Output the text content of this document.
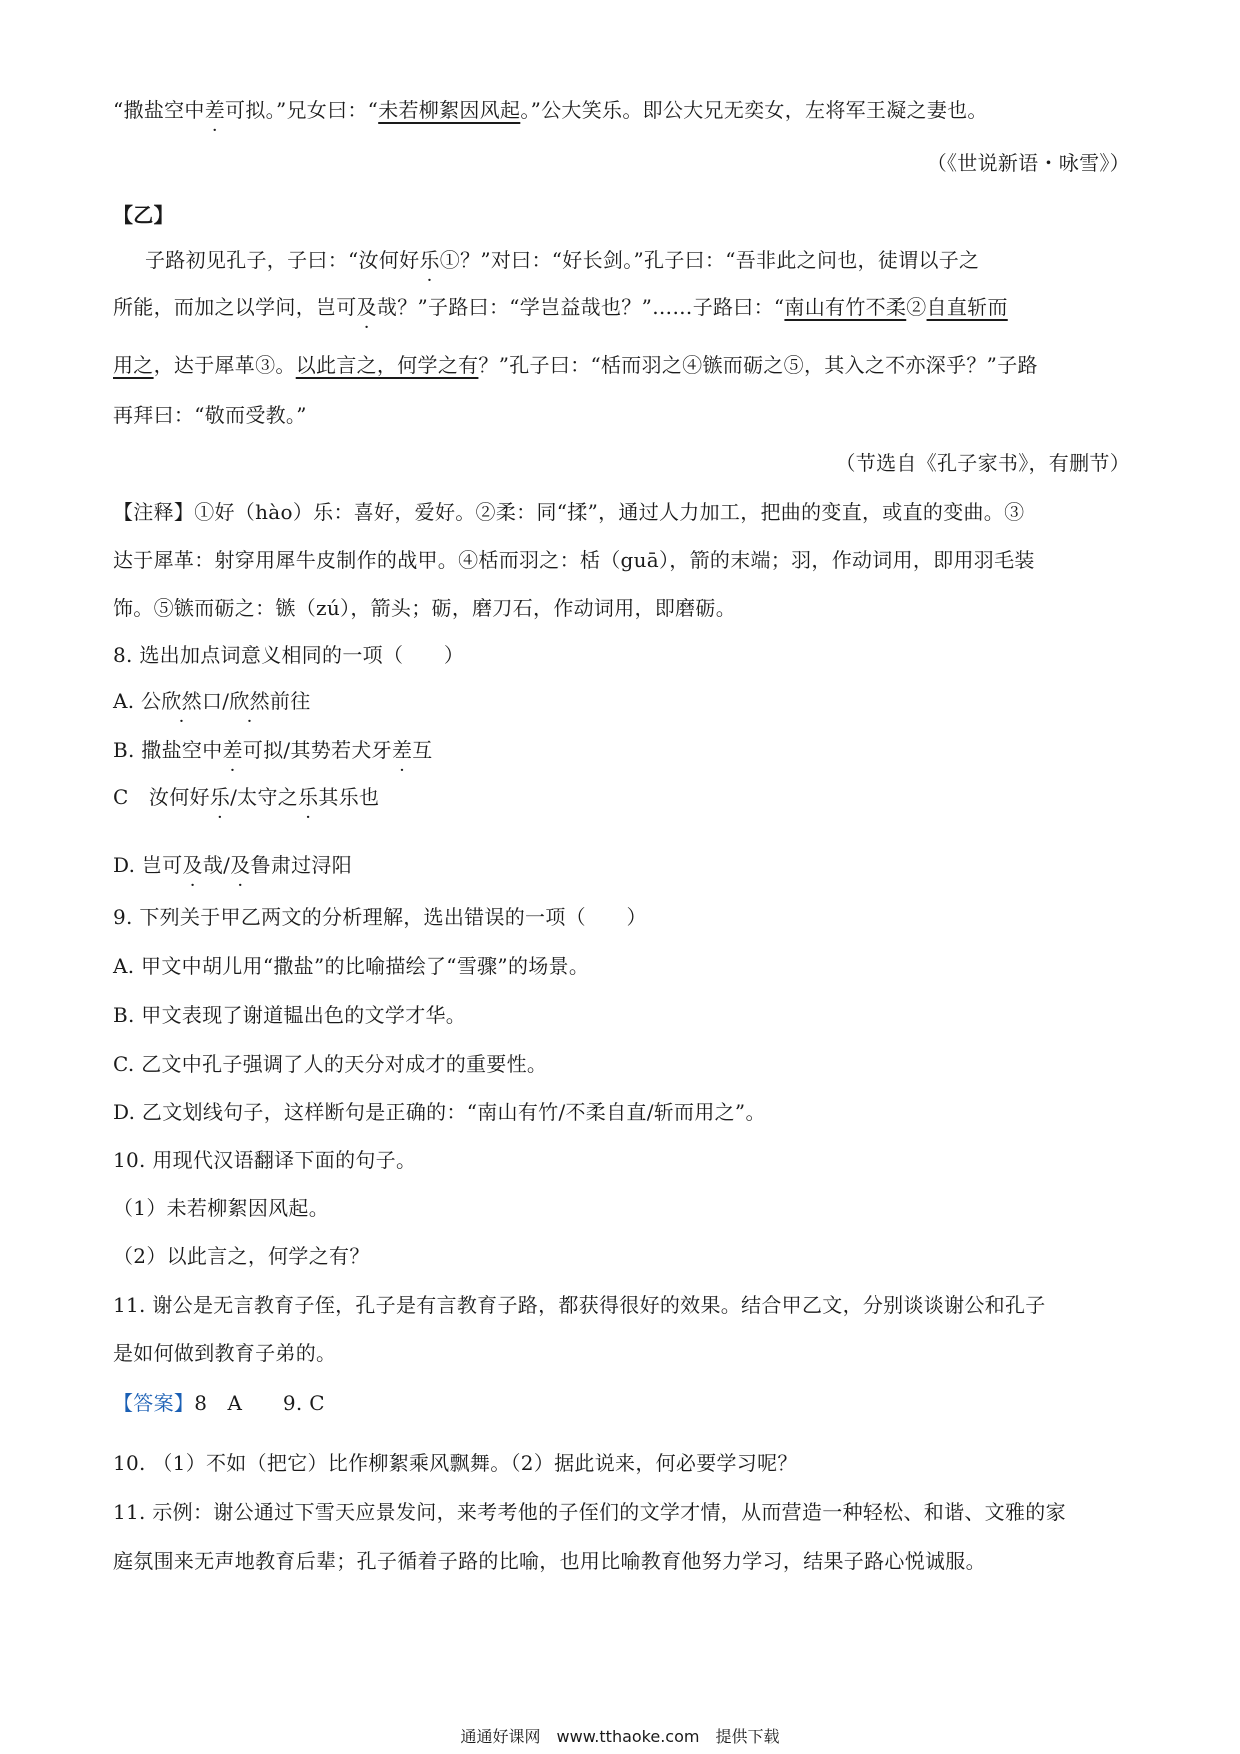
“撒盐空中差可拟。”兄女曰：“未若柳絮因风起。”公大笑乐。即公大兄无奕女，左将军王凝之妻也。
（《世说新语・咏雪》）
【乙】
子路初见孔子，子曰：“汝何好乐①？”对曰：“好长剑。”孔子曰：“吾非此之问也，徒谓以子之
所能，而加之以学问，岂可及哉？”子路曰：“学岂益哉也？”……子路曰：“南山有竹不柔②自直斩而
用之，达于犀革③。以此言之，何学之有？”孔子曰：“栝而羽之④镞而砺之⑤，其入之不亦深乎？”子路
再拜曰：“敬而受教。”
（节选自《孔子家书》，有删节）
【注释】①好（hào）乐：喜好，爱好。②柔：同“揉”，通过人力加工，把曲的变直，或直的变曲。③
达于犀革：射穿用犀牛皮制作的战甲。④栝而羽之：栝（guā），箭的末端；羽，作动词用，即用羽毛装
饰。⑤镞而砺之：镞（zú），箭头；砺，磨刀石，作动词用，即磨砺。
8. 选出加点词意义相同的一项（　　）
A. 公欣然口/欣然前往
B. 撒盐空中差可拟/其势若犬牙差互
C　汝何好乐/太守之乐其乐也
D. 岂可及哉/及鲁肃过浔阳
9. 下列关于甲乙两文的分析理解，选出错误的一项（　　）
A. 甲文中胡儿用“撒盐”的比喻描绘了“雪骤”的场景。
B. 甲文表现了谢道韫出色的文学才华。
C. 乙文中孔子强调了人的天分对成才的重要性。
D. 乙文划线句子，这样断句是正确的：“南山有竹/不柔自直/斩而用之”。
10. 用现代汉语翻译下面的句子。
（1）未若柳絮因风起。
（2）以此言之，何学之有？
11. 谢公是无言教育子侄，孔子是有言教育子路，都获得很好的效果。结合甲乙文，分别谈谈谢公和孔子
是如何做到教育子弟的。
【答案】8　A　　9. C
10. （1）不如（把它）比作柳絮乘风飘舞。（2）据此说来，何必要学习呢？
11. 示例：谢公通过下雪天应景发问，来考考他的子侄们的文学才情，从而营造一种轻松、和谐、文雅的家
庭氛围来无声地教育后辈；孔子循着子路的比喻，也用比喻教育他努力学习，结果子路心悦诚服。
通通好课网　www.tthaoke.com　提供下载
